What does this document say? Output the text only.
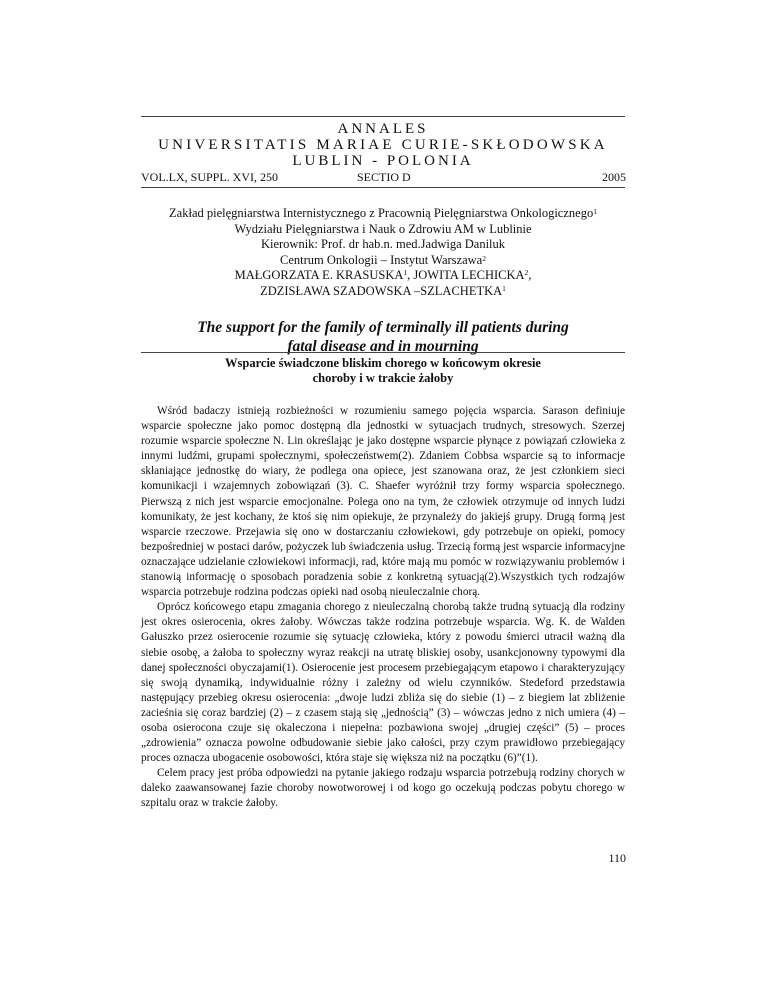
ANNALES
UNIVERSITATIS MARIAE CURIE-SKŁODOWSKA
LUBLIN - POLONIA
VOL.LX, SUPPL. XVI, 250	SECTIO D	2005
Zakład pielęgniarstwa Internistycznego z Pracownią Pielęgniarstwa Onkologicznego$^1$
Wydziału Pielęgniarstwa i Nauk o Zdrowiu AM w Lublinie
Kierownik: Prof. dr hab.n. med.Jadwiga Daniluk
Centrum Onkologii – Instytut Warszawa$^2$
MAŁGORZATA E. KRASUSKA$^1$, JOWITA LECHICKA$^2$,
ZDZISŁAWA SZADOWSKA –SZLACHETKA$^1$
The support for the family of terminally ill patients during
fatal disease and in mourning
Wsparcie świadczone bliskim chorego w końcowym okresie
choroby i w trakcie żałoby

Wśród badaczy istnieją rozbieżności w rozumieniu samego pojęcia wsparcia. Sarason definiuje wsparcie społeczne jako pomoc dostępną dla jednostki w sytuacjach trudnych, stresowych. Szerzej rozumie wsparcie społeczne N. Lin określając je jako dostępne wsparcie płynące z powiązań człowieka z innymi ludźmi, grupami społecznymi, społeczeństwem(2). Zdaniem Cobbsa wsparcie są to informacje skłaniające jednostkę do wiary, że podlega ona opiece, jest szanowana oraz, że jest członkiem sieci komunikacji i wzajemnych zobowiązań (3). C. Shaefer wyróżnił trzy formy wsparcia społecznego. Pierwszą z nich jest wsparcie emocjonalne. Polega ono na tym, że człowiek otrzymuje od innych ludzi komunikaty, że jest kochany, że ktoś się nim opiekuje, że przynależy do jakiejś grupy. Drugą formą jest wsparcie rzeczowe. Przejawia się ono w dostarczaniu człowiekowi, gdy potrzebuje on opieki, pomocy bezpośredniej w postaci darów, pożyczek lub świadczenia usług. Trzecią formą jest wsparcie informacyjne oznaczające udzielanie człowiekowi informacji, rad, które mają mu pomóc w rozwiązywaniu problemów i stanowią informację o sposobach poradzenia sobie z konkretną sytuacją(2).Wszystkich tych rodzajów wsparcia potrzebuje rodzina podczas opieki nad osobą nieuleczalnie chorą.

Oprócz końcowego etapu zmagania chorego z nieuleczalną chorobą także trudną sytuacją dla rodziny jest okres osierocenia, okres żałoby. Wówczas także rodzina potrzebuje wsparcia. Wg. K. de Walden Gałuszko przez osierocenie rozumie się sytuację człowieka, który z powodu śmierci utracił ważną dla siebie osobę, a żałoba to społeczny wyraz reakcji na utratę bliskiej osoby, usankcjonowny typowymi dla danej społeczności obyczajami(1). Osierocenie jest procesem przebiegającym etapowo i charakteryzujący się swoją dynamiką, indywidualnie różny i zależny od wielu czynników. Stedeford przedstawia następujący przebieg okresu osierocenia: „dwoje ludzi zbliża się do siebie (1) – z biegiem lat zbliżenie zacieśnia się coraz bardziej (2) – z czasem stają się „jednością” (3) – wówczas jedno z nich umiera (4) – osoba osierocona czuje się okaleczona i niepełna: pozbawiona swojej „drugiej części” (5) – proces „zdrowienia” oznacza powolne odbudowanie siebie jako całości, przy czym prawidłowo przebiegający proces oznacza ubogacenie osobowości, która staje się większa niż na początku (6)”(1).

Celem pracy jest próba odpowiedzi na pytanie jakiego rodzaju wsparcia potrzebują rodziny chorych w daleko zaawansowanej fazie choroby nowotworowej i od kogo go oczekują podczas pobytu chorego w szpitalu oraz w trakcie żałoby.

110
